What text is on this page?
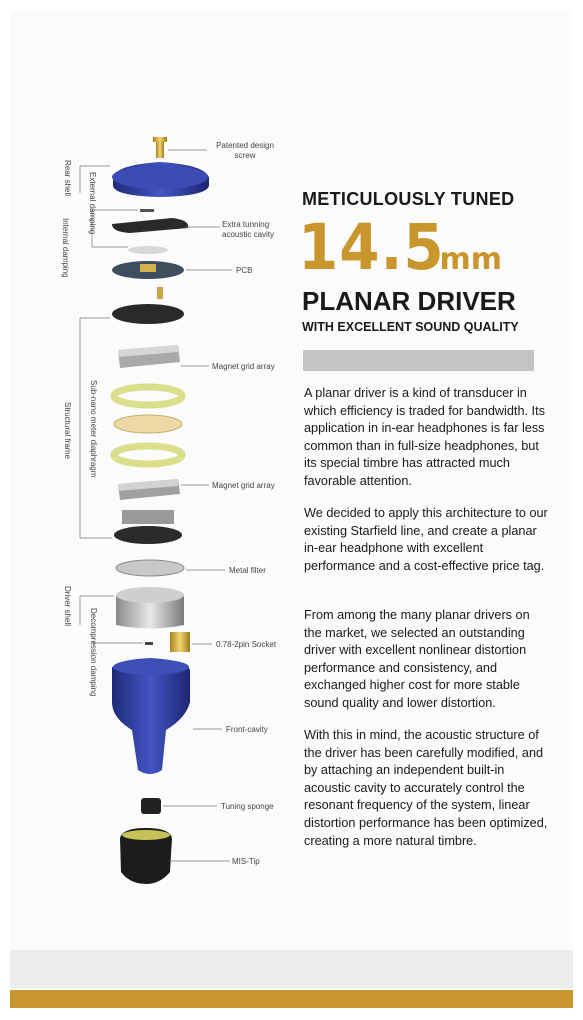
Patented design screw
Extra tunning acoustic cavity
PCB
Magnet grid array
Magnet grid array
Metal filter
0.78-2pin Socket
Front-cavity
Tuning sponge
MIS-Tip
Rear shell External damping
Internal damping
Sub-nano meter diaphragm
Structural frame
Driver shell
Decompression damping
METICULOUSLY TUNED
14.5mm
PLANAR DRIVER
WITH EXCELLENT SOUND QUALITY
A planar driver is a kind of transducer in which efficiency is traded for bandwidth. Its application in in-ear headphones is far less common than in full-size headphones, but its special timbre has attracted much favorable attention.
We decided to apply this architecture to our existing Starfield line, and create a planar in-ear headphone with excellent performance and a cost-effective price tag.
From among the many planar drivers on the market, we selected an outstanding driver with excellent nonlinear distortion performance and consistency, and exchanged higher cost for more stable sound quality and lower distortion.
With this in mind, the acoustic structure of the driver has been carefully modified, and by attaching an independent built-in acoustic cavity to accurately control the resonant frequency of the system, linear distortion performance has been optimized, creating a more natural timbre.
